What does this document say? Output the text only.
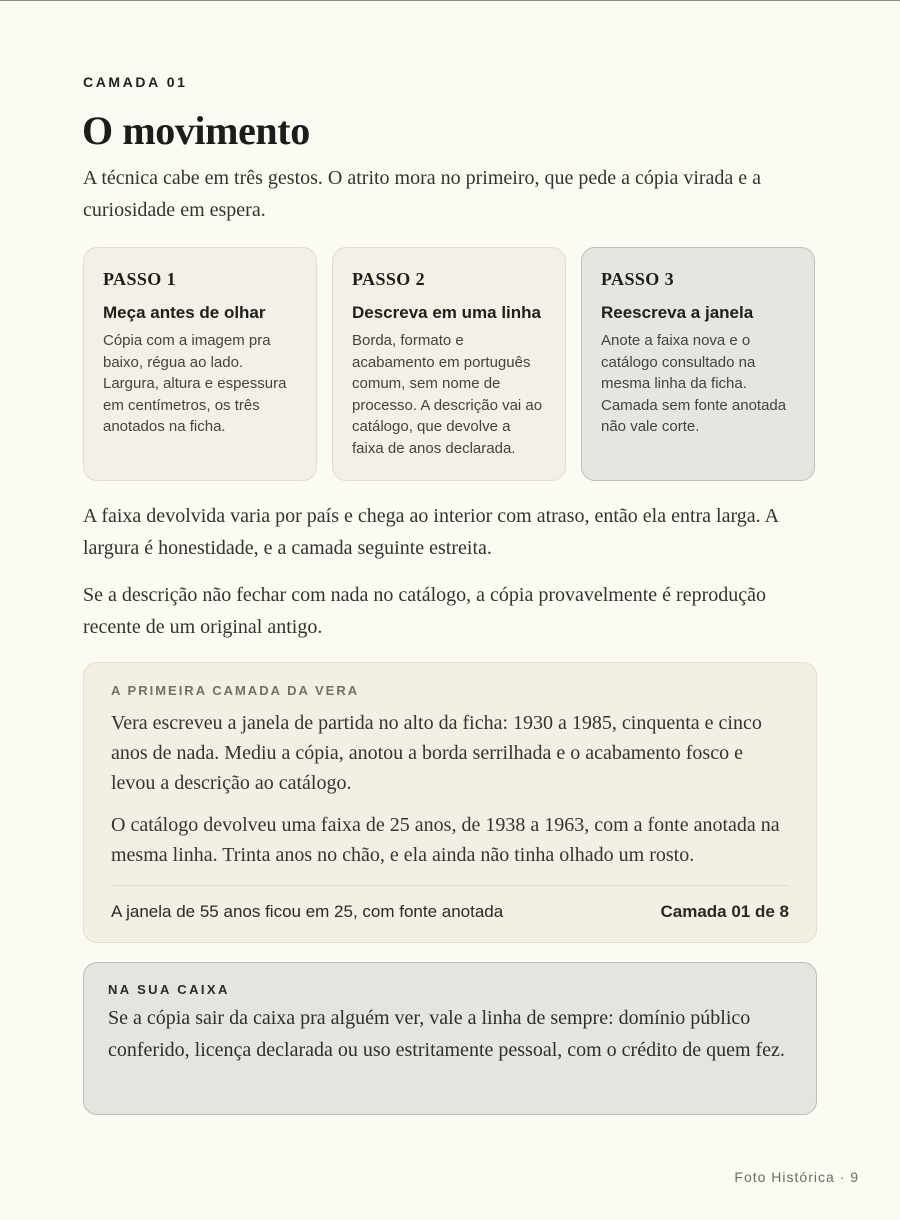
CAMADA 01
O movimento

A técnica cabe em três gestos. O atrito mora no primeiro, que pede a cópia virada e a curiosidade em espera.

PASSO 1
Meça antes de olhar
Cópia com a imagem pra baixo, régua ao lado. Largura, altura e espessura em centímetros, os três anotados na ficha.
PASSO 2
Descreva em uma linha
Borda, formato e acabamento em português comum, sem nome de processo. A descrição vai ao catálogo, que devolve a faixa de anos declarada.
PASSO 3
Reescreva a janela
Anote a faixa nova e o catálogo consultado na mesma linha da ficha. Camada sem fonte anotada não vale corte.

A faixa devolvida varia por país e chega ao interior com atraso, então ela entra larga. A largura é honestidade, e a camada seguinte estreita.

Se a descrição não fechar com nada no catálogo, a cópia provavelmente é reprodução recente de um original antigo.

A PRIMEIRA CAMADA DA VERA

Vera escreveu a janela de partida no alto da ficha: 1930 a 1985, cinquenta e cinco anos de nada. Mediu a cópia, anotou a borda serrilhada e o acabamento fosco e levou a descrição ao catálogo.

O catálogo devolveu uma faixa de 25 anos, de 1938 a 1963, com a fonte anotada na mesma linha. Trinta anos no chão, e ela ainda não tinha olhado um rosto.

A janela de 55 anos ficou em 25, com fonte anotada	Camada 01 de 8
NA SUA CAIXA

Se a cópia sair da caixa pra alguém ver, vale a linha de sempre: domínio público conferido, licença declarada ou uso estritamente pessoal, com o crédito de quem fez.

Foto Histórica · 9
